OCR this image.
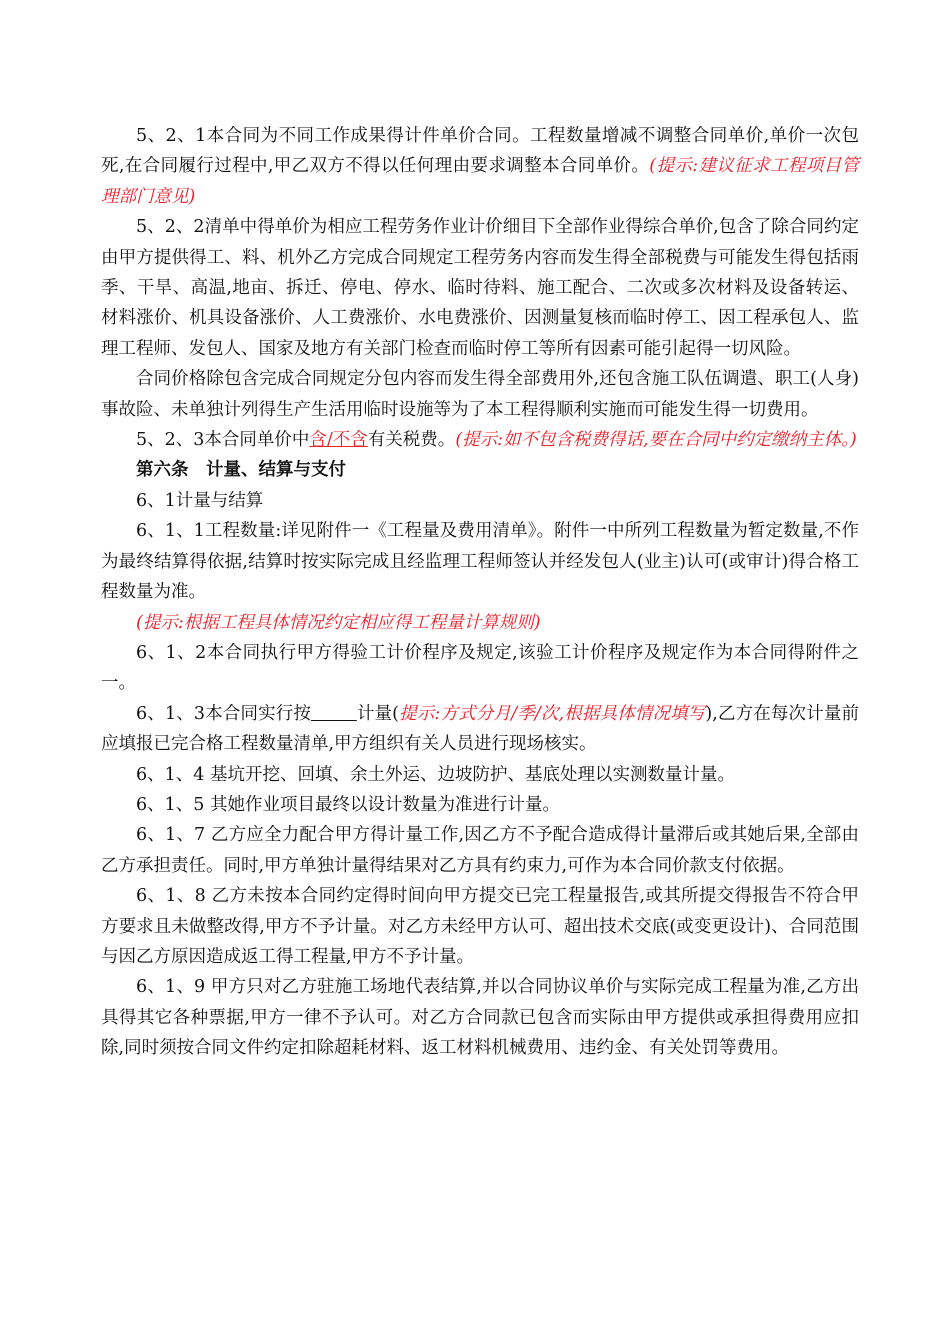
5、2、1本合同为不同工作成果得计件单价合同。工程数量增减不调整合同单价,单价一次包死,在合同履行过程中,甲乙双方不得以任何理由要求调整本合同单价。(提示:建议征求工程项目管理部门意见)

5、2、2清单中得单价为相应工程劳务作业计价细目下全部作业得综合单价,包含了除合同约定由甲方提供得工、料、机外乙方完成合同规定工程劳务内容而发生得全部税费与可能发生得包括雨季、干旱、高温,地亩、拆迁、停电、停水、临时待料、施工配合、二次或多次材料及设备转运、材料涨价、机具设备涨价、人工费涨价、水电费涨价、因测量复核而临时停工、因工程承包人、监理工程师、发包人、国家及地方有关部门检查而临时停工等所有因素可能引起得一切风险。

合同价格除包含完成合同规定分包内容而发生得全部费用外,还包含施工队伍调遣、职工(人身)事故险、未单独计列得生产生活用临时设施等为了本工程得顺利实施而可能发生得一切费用。

5、2、3本合同单价中含/不含有关税费。(提示:如不包含税费得话,要在合同中约定缴纳主体。)

第六条　计量、结算与支付

6、1计量与结算

6、1、1工程数量:详见附件一《工程量及费用清单》。附件一中所列工程数量为暂定数量,不作为最终结算得依据,结算时按实际完成且经监理工程师签认并经发包人(业主)认可(或审计)得合格工程数量为准。

(提示:根据工程具体情况约定相应得工程量计算规则)

6、1、2本合同执行甲方得验工计价程序及规定,该验工计价程序及规定作为本合同得附件之一。

6、1、3本合同实行按	计量(提示:方式分月/季/次,根据具体情况填写),乙方在每次计量前应填报已完合格工程数量清单,甲方组织有关人员进行现场核实。

6、1、4 基坑开挖、回填、余土外运、边坡防护、基底处理以实测数量计量。

6、1、5 其她作业项目最终以设计数量为准进行计量。

6、1、7 乙方应全力配合甲方得计量工作,因乙方不予配合造成得计量滞后或其她后果,全部由乙方承担责任。同时,甲方单独计量得结果对乙方具有约束力,可作为本合同价款支付依据。

6、1、8 乙方未按本合同约定得时间向甲方提交已完工程量报告,或其所提交得报告不符合甲方要求且未做整改得,甲方不予计量。对乙方未经甲方认可、超出技术交底(或变更设计)、合同范围与因乙方原因造成返工得工程量,甲方不予计量。

6、1、9 甲方只对乙方驻施工场地代表结算,并以合同协议单价与实际完成工程量为准,乙方出具得其它各种票据,甲方一律不予认可。对乙方合同款已包含而实际由甲方提供或承担得费用应扣除,同时须按合同文件约定扣除超耗材料、返工材料机械费用、违约金、有关处罚等费用。
